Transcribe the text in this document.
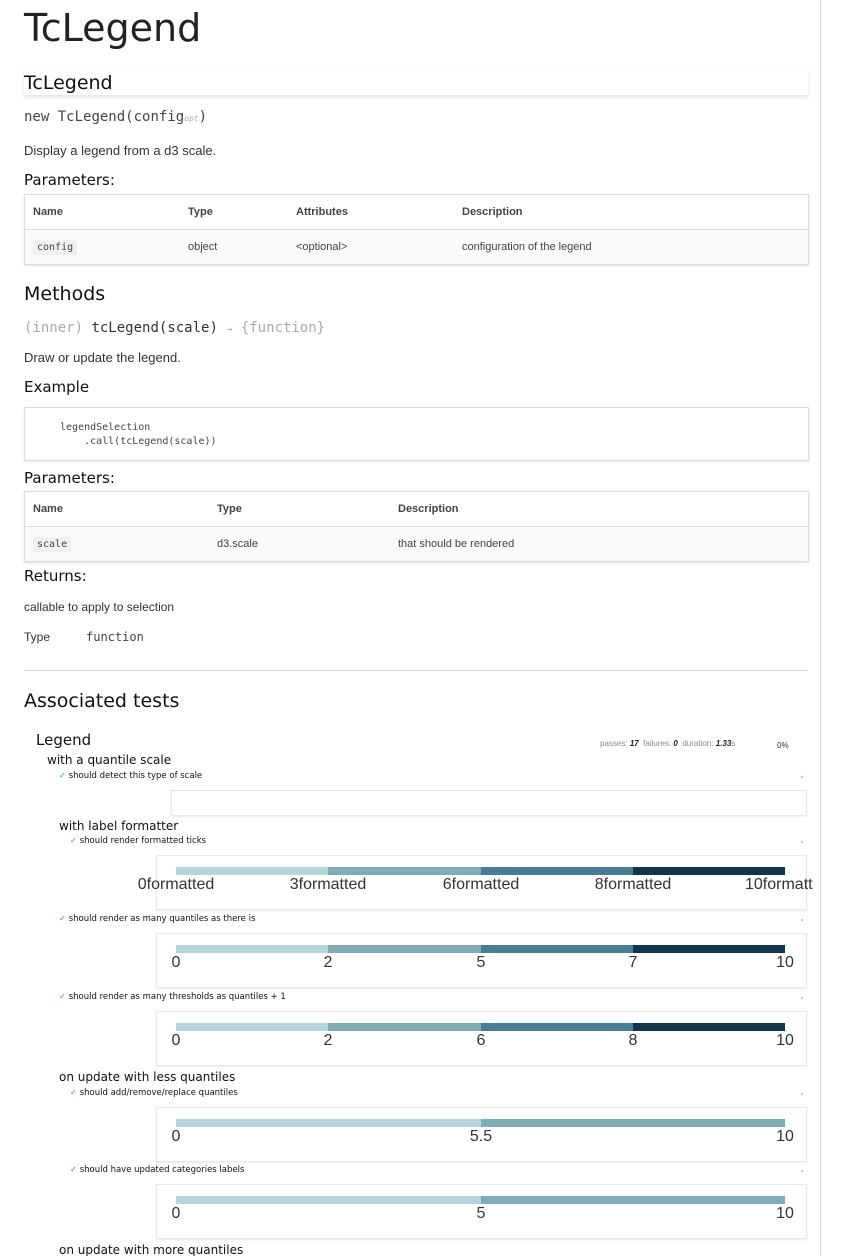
TcLegend
TcLegend
new TcLegend(configopt)
Display a legend from a d3 scale.
Parameters:
Name	Type	Attributes	Description
config	object	<optional>	configuration of the legend
Methods
(inner) tcLegend(scale) → {function}
Draw or update the legend.
Example
legendSelection
.call(tcLegend(scale))
Parameters:
Name	Type	Description
scale	d3.scale	that should be rendered
Returns:
callable to apply to selection
Type	function
Associated tests
Legend	passes: 17 failures: 0 duration: 1.33s	0%
with a quantile scale
✓ should detect this type of scale	‣
with label formatter
✓ should render formatted ticks	‣
0formatted	3formatted	6formatted	8formatted	10formatt
✓ should render as many quantiles as there is	‣
0	2	5	7	10
✓ should render as many thresholds as quantiles + 1	‣
0	2	6	8	10
on update with less quantiles
✓ should add/remove/replace quantiles	‣
0	5.5	10
✓ should have updated categories labels	‣
0	5	10
on update with more quantiles
